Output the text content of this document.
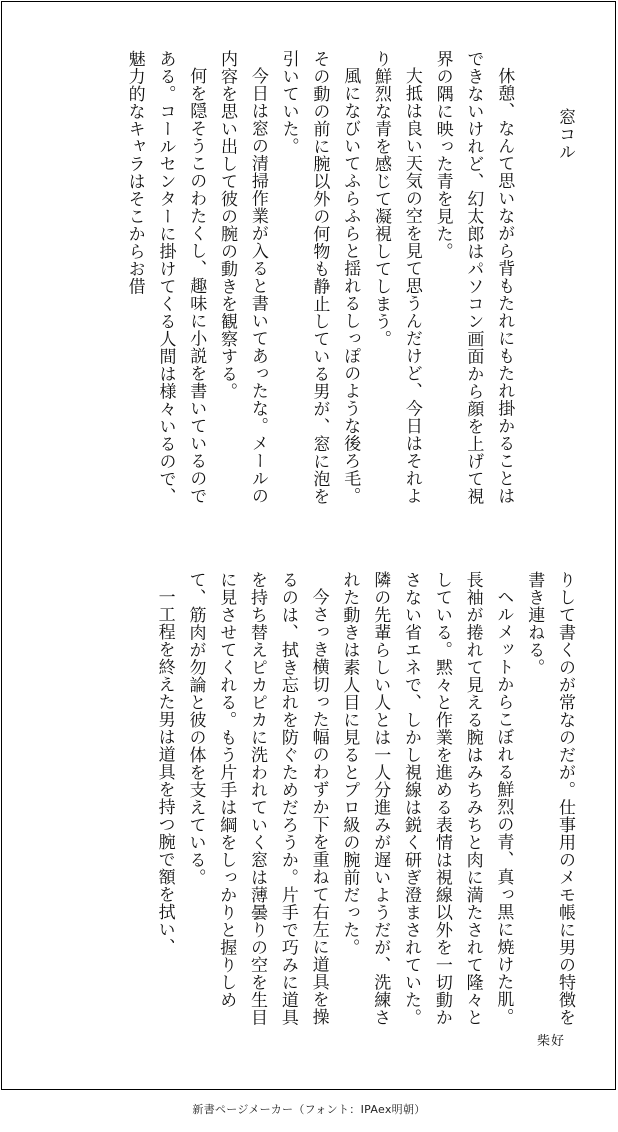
窓コル

休憩、なんて思いながら背もたれにもたれ掛かることはできないけれど、幻太郎はパソコン画面から顔を上げて視界の隅に映った青を見た。

大抵は良い天気の空を見て思うんだけど、今日はそれより鮮烈な青を感じて凝視してしまう。

風になびいてふらふらと揺れるしっぽのような後ろ毛。その動の前に腕以外の何物も静止している男が、窓に泡を引いていた。

今日は窓の清掃作業が入ると書いてあったな。メールの内容を思い出して彼の腕の動きを観察する。

何を隠そうこのわたくし、趣味に小説を書いているのである。コールセンターに掛けてくる人間は様々いるので、魅力的なキャラはそこからお借

りして書くのが常なのだが。仕事用のメモ帳に男の特徴を書き連ねる。

ヘルメットからこぼれる鮮烈の青、真っ黒に焼けた肌。長袖が捲れて見える腕はみちみちと肉に満たされて隆々としている。黙々と作業を進める表情は視線以外を一切動かさない省エネで、しかし視線は鋭く研ぎ澄まされていた。隣の先輩らしい人とは一人分進みが遅いようだが、洗練された動きは素人目に見るとプロ級の腕前だった。

今さっき横切った幅のわずか下を重ねて右左に道具を操るのは、拭き忘れを防ぐためだろうか。片手で巧みに道具を持ち替えピカピカに洗われていく窓は薄曇りの空を生目に見させてくれる。もう片手は綱をしっかりと握りしめて、筋肉が勿論と彼の体を支えている。

一工程を終えた男は道具を持つ腕で額を拭い、

柴好
新書ページメーカー（フォント：IPAex明朝）
